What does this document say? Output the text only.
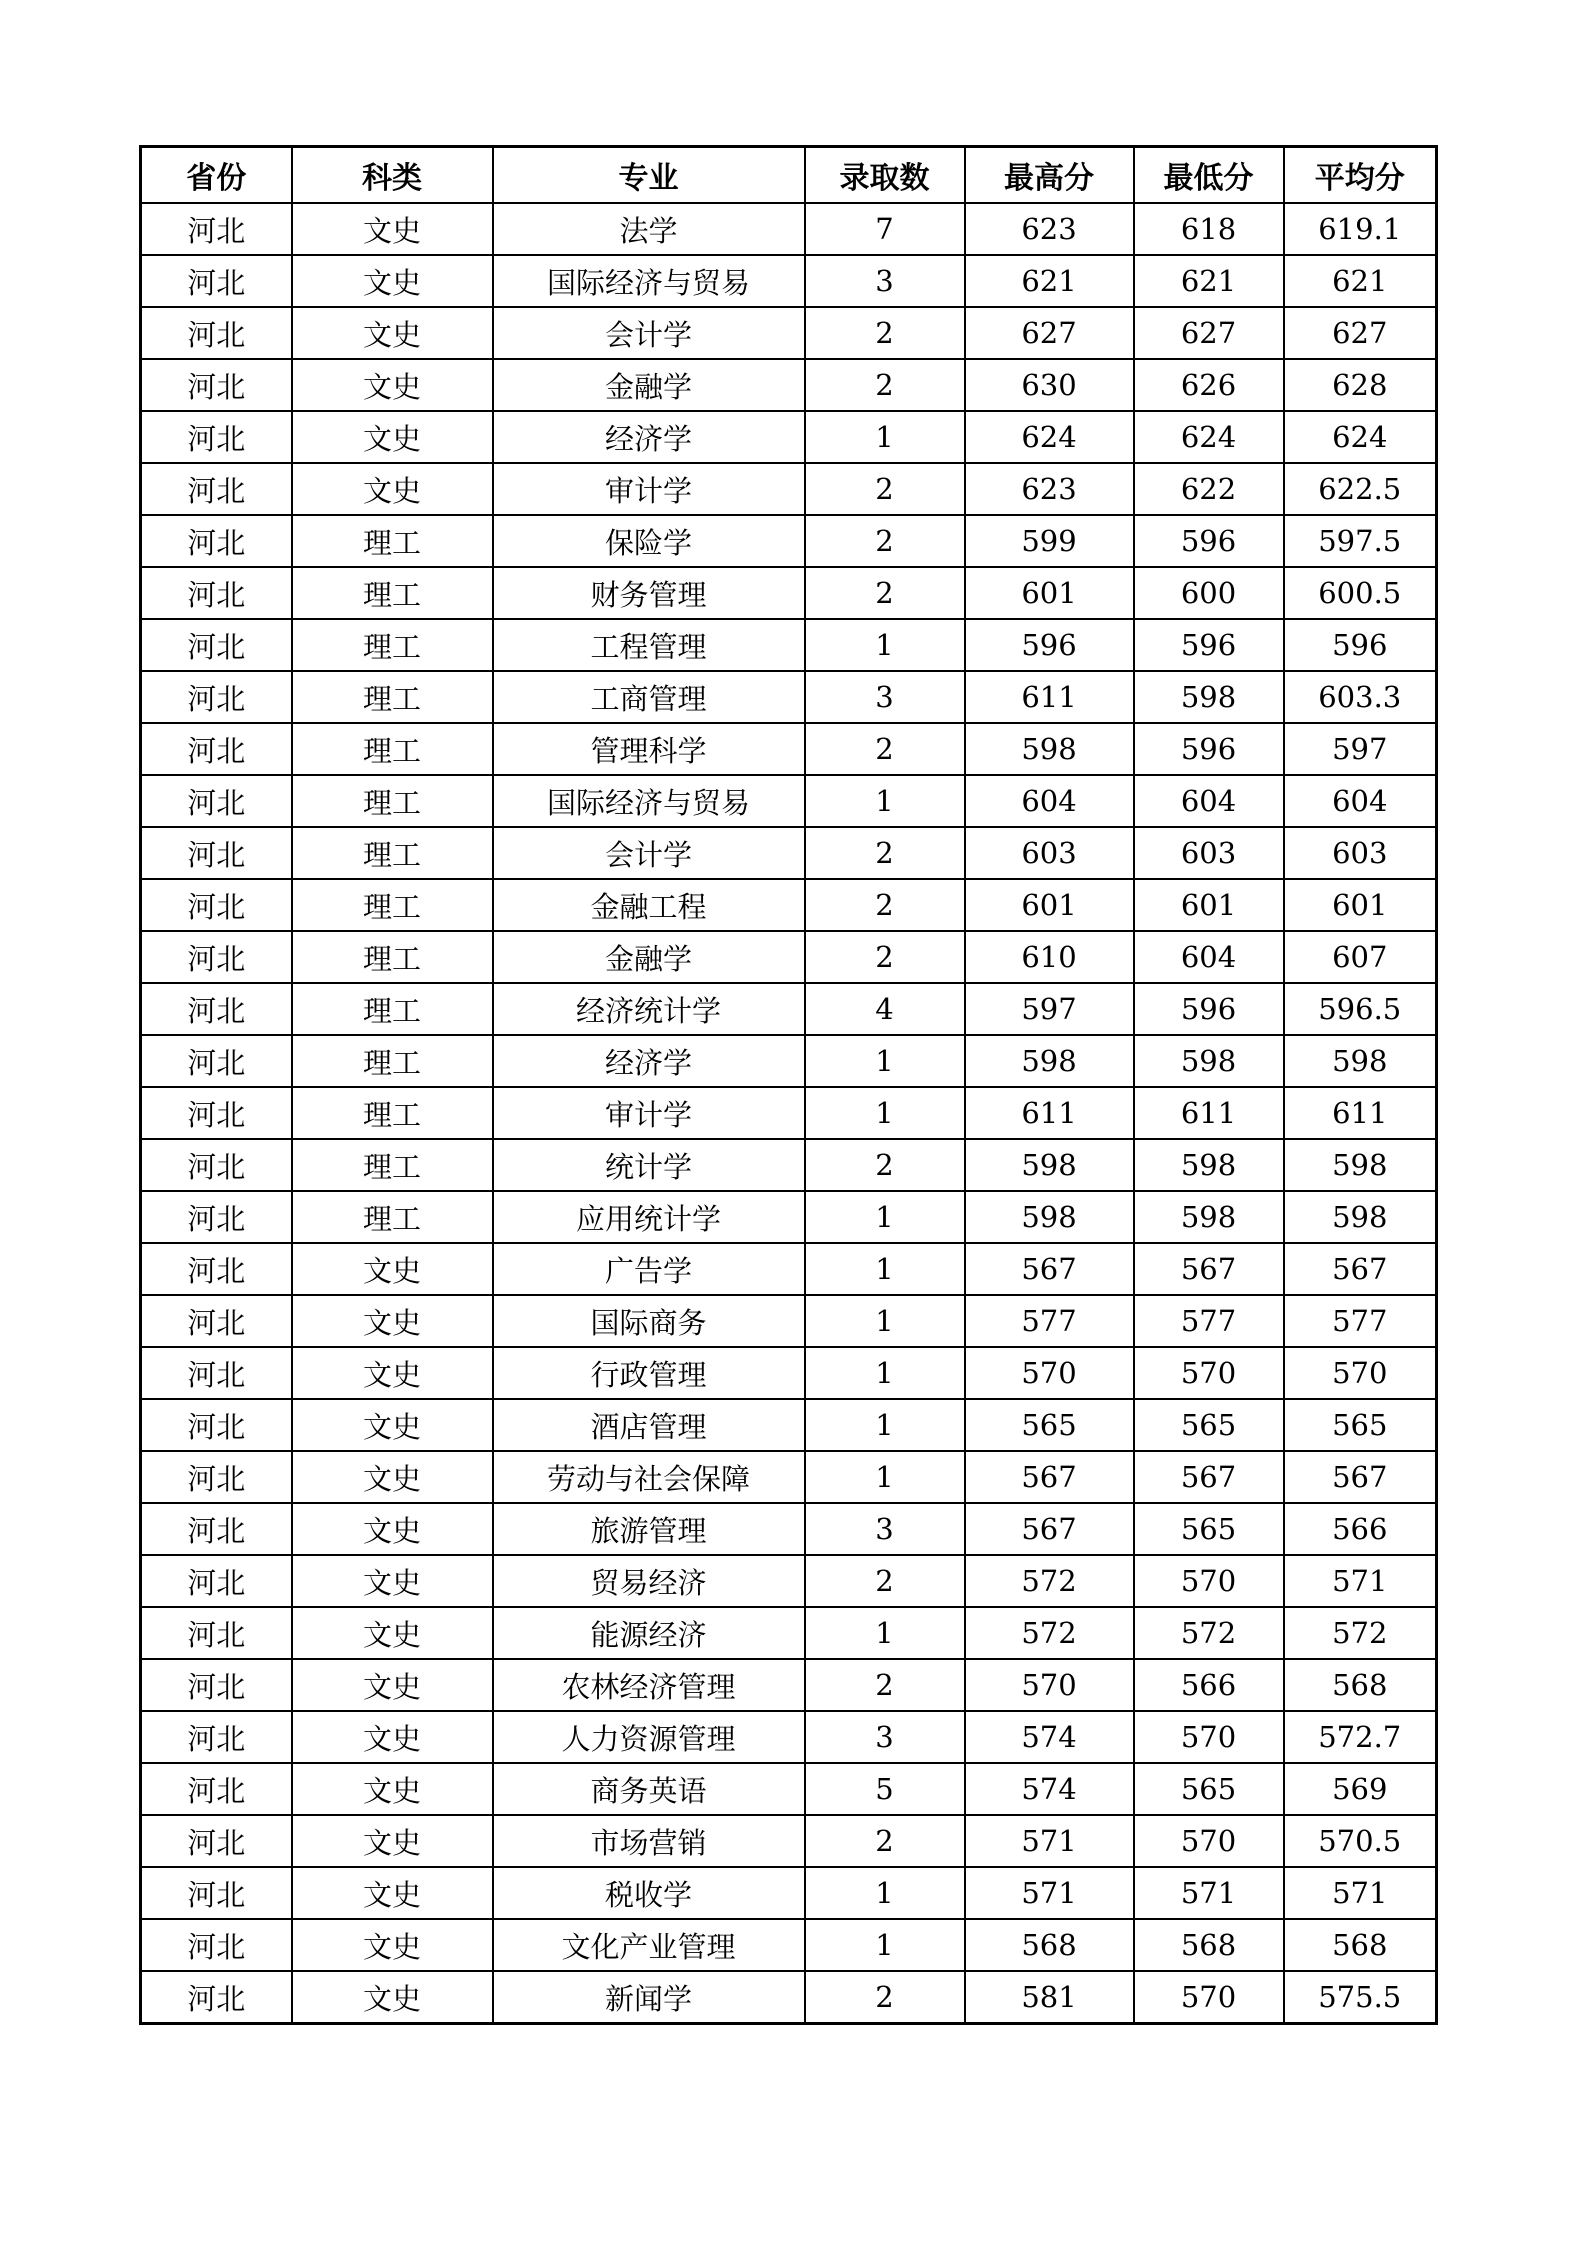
省份	科类	专业	录取数	最高分	最低分	平均分
河北	文史	法学	7	623	618	619.1
河北	文史	国际经济与贸易	3	621	621	621
河北	文史	会计学	2	627	627	627
河北	文史	金融学	2	630	626	628
河北	文史	经济学	1	624	624	624
河北	文史	审计学	2	623	622	622.5
河北	理工	保险学	2	599	596	597.5
河北	理工	财务管理	2	601	600	600.5
河北	理工	工程管理	1	596	596	596
河北	理工	工商管理	3	611	598	603.3
河北	理工	管理科学	2	598	596	597
河北	理工	国际经济与贸易	1	604	604	604
河北	理工	会计学	2	603	603	603
河北	理工	金融工程	2	601	601	601
河北	理工	金融学	2	610	604	607
河北	理工	经济统计学	4	597	596	596.5
河北	理工	经济学	1	598	598	598
河北	理工	审计学	1	611	611	611
河北	理工	统计学	2	598	598	598
河北	理工	应用统计学	1	598	598	598
河北	文史	广告学	1	567	567	567
河北	文史	国际商务	1	577	577	577
河北	文史	行政管理	1	570	570	570
河北	文史	酒店管理	1	565	565	565
河北	文史	劳动与社会保障	1	567	567	567
河北	文史	旅游管理	3	567	565	566
河北	文史	贸易经济	2	572	570	571
河北	文史	能源经济	1	572	572	572
河北	文史	农林经济管理	2	570	566	568
河北	文史	人力资源管理	3	574	570	572.7
河北	文史	商务英语	5	574	565	569
河北	文史	市场营销	2	571	570	570.5
河北	文史	税收学	1	571	571	571
河北	文史	文化产业管理	1	568	568	568
河北	文史	新闻学	2	581	570	575.5
